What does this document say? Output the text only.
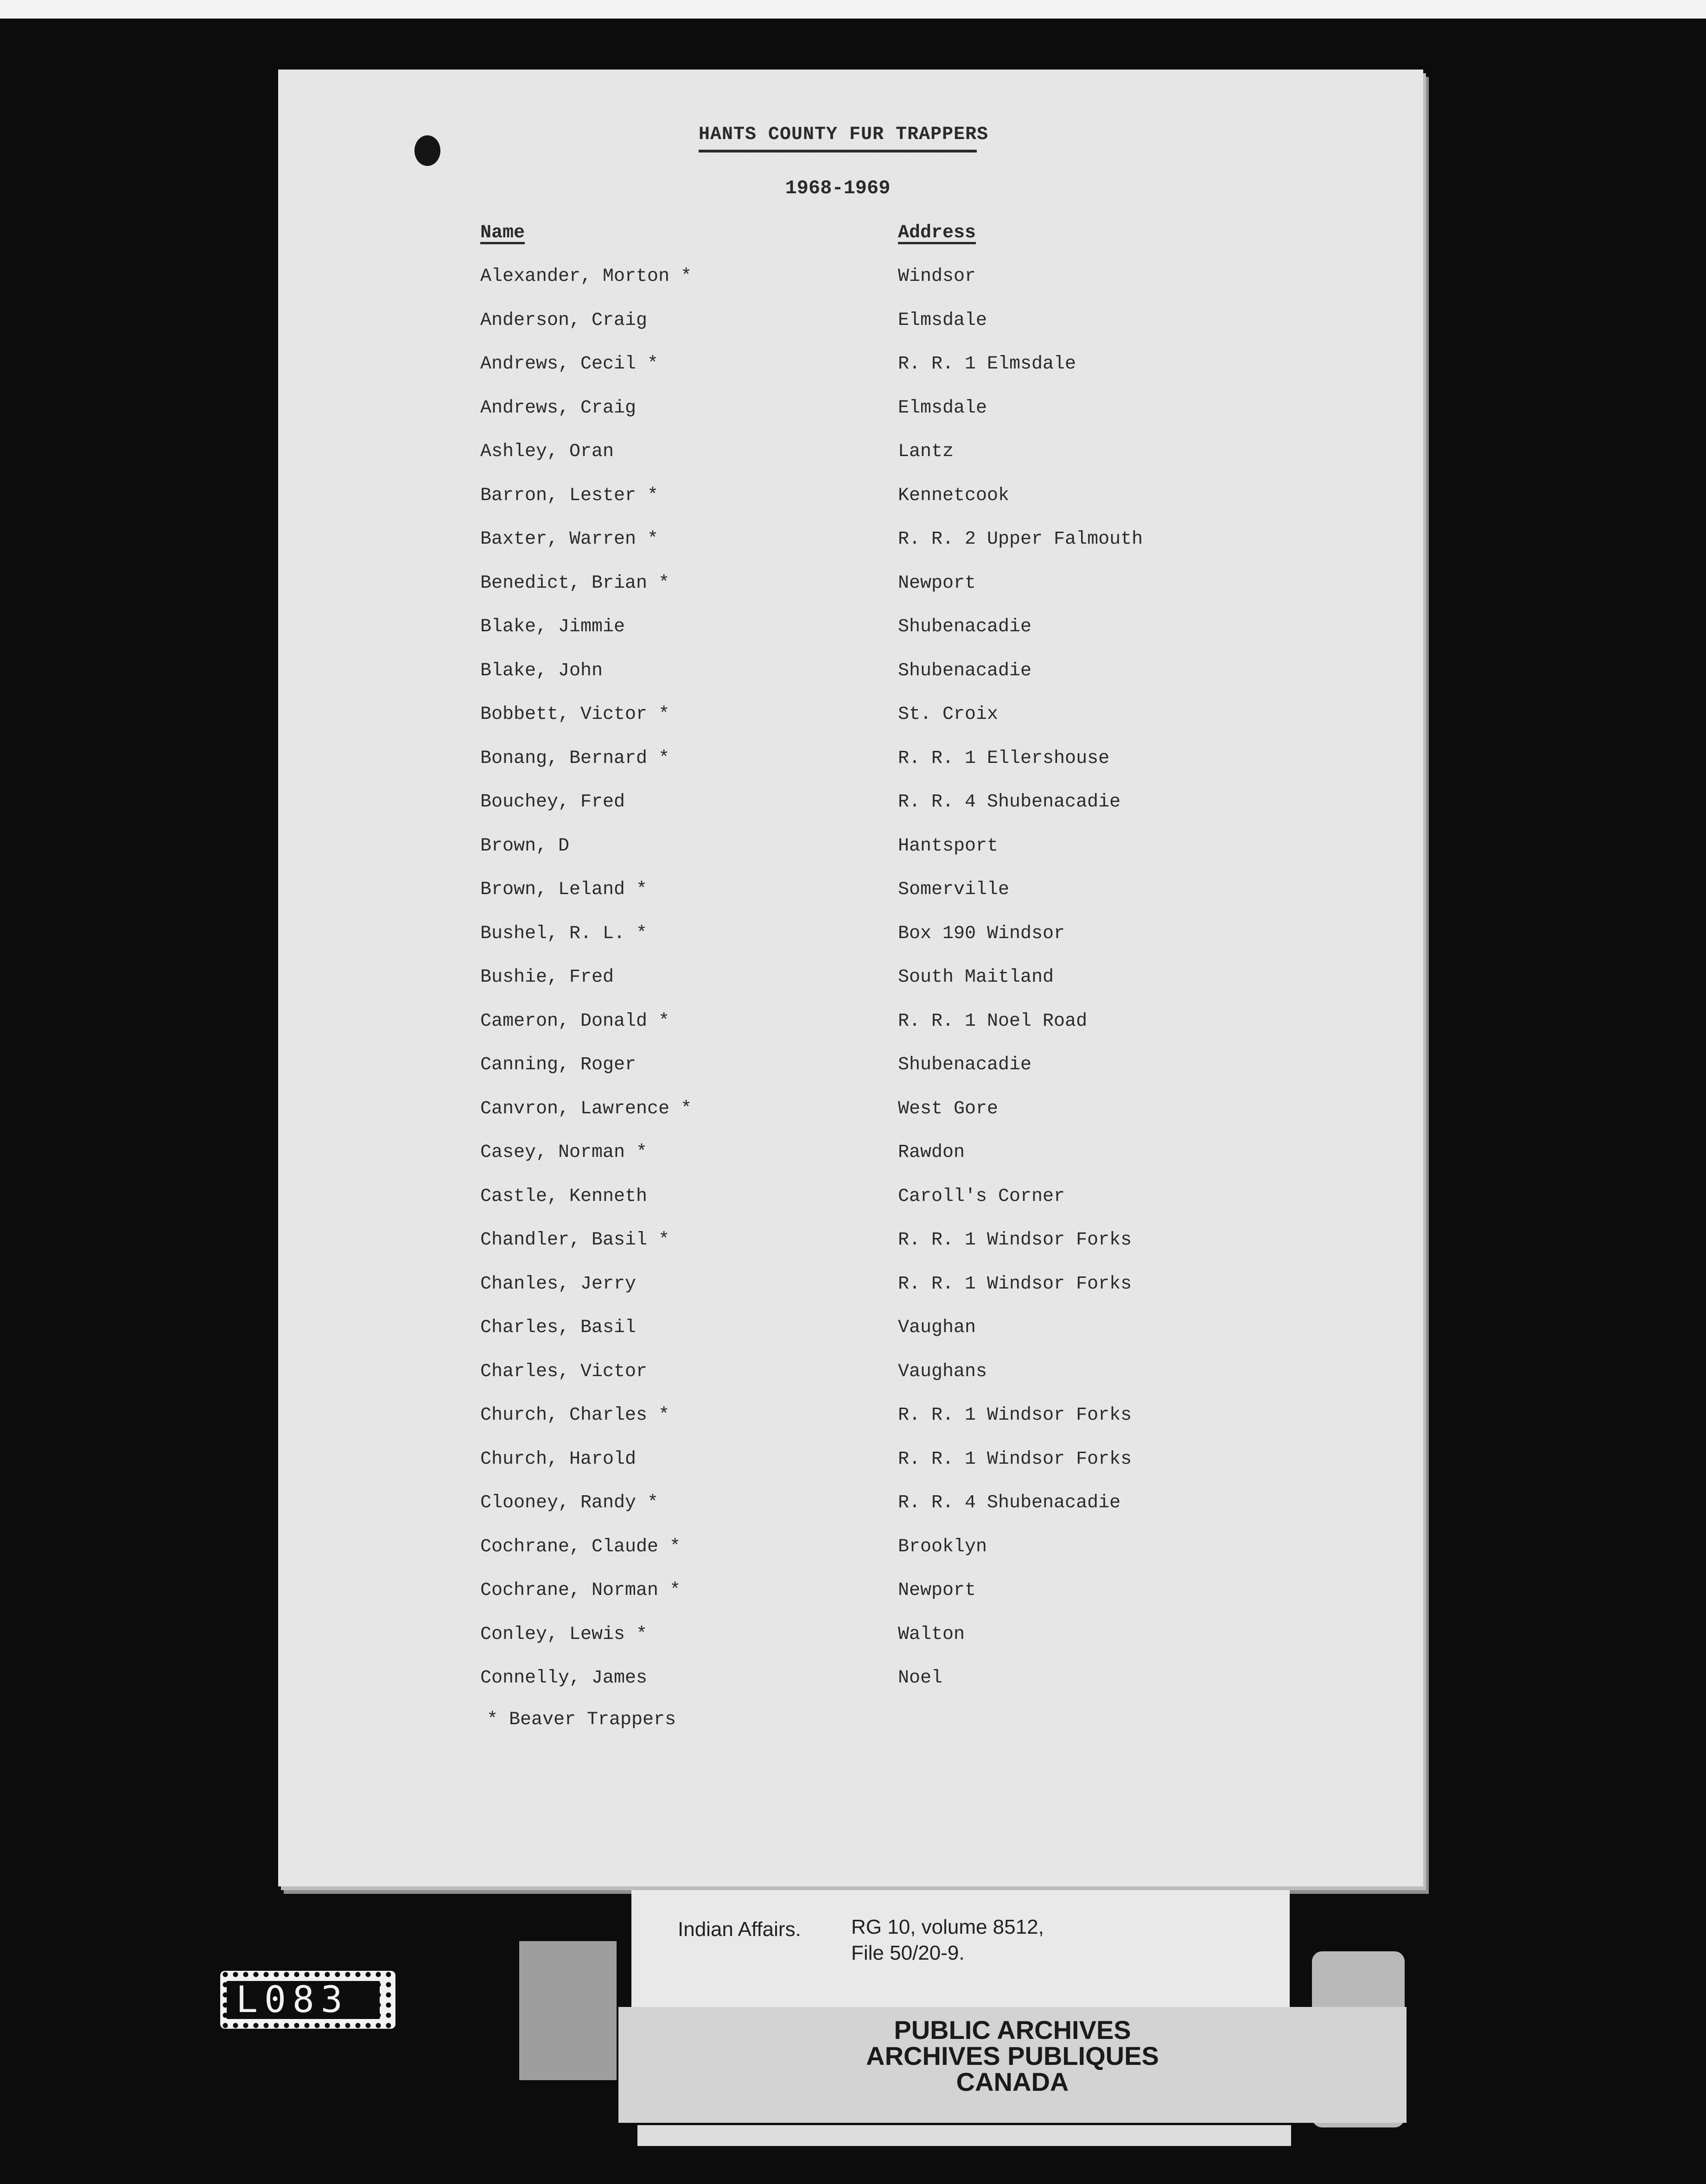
HANTS COUNTY FUR TRAPPERS
1968-1969
Name	Address
Alexander, Morton *	Windsor
Anderson, Craig	Elmsdale
Andrews, Cecil *	R. R. 1 Elmsdale
Andrews, Craig	Elmsdale
Ashley, Oran	Lantz
Barron, Lester *	Kennetcook
Baxter, Warren *	R. R. 2 Upper Falmouth
Benedict, Brian *	Newport
Blake, Jimmie	Shubenacadie
Blake, John	Shubenacadie
Bobbett, Victor *	St. Croix
Bonang, Bernard *	R. R. 1 Ellershouse
Bouchey, Fred	R. R. 4 Shubenacadie
Brown, D	Hantsport
Brown, Leland *	Somerville
Bushel, R. L. *	Box 190 Windsor
Bushie, Fred	South Maitland
Cameron, Donald *	R. R. 1 Noel Road
Canning, Roger	Shubenacadie
Canvron, Lawrence *	West Gore
Casey, Norman *	Rawdon
Castle, Kenneth	Caroll's Corner
Chandler, Basil *	R. R. 1 Windsor Forks
Chanles, Jerry	R. R. 1 Windsor Forks
Charles, Basil	Vaughan
Charles, Victor	Vaughans
Church, Charles *	R. R. 1 Windsor Forks
Church, Harold	R. R. 1 Windsor Forks
Clooney, Randy *	R. R. 4 Shubenacadie
Cochrane, Claude *	Brooklyn
Cochrane, Norman *	Newport
Conley, Lewis *	Walton
Connelly, James	Noel
* Beaver Trappers
Indian Affairs. RG 10, volume 8512,
File 50/20-9.
PUBLIC ARCHIVES
ARCHIVES PUBLIQUES
CANADA
L083
